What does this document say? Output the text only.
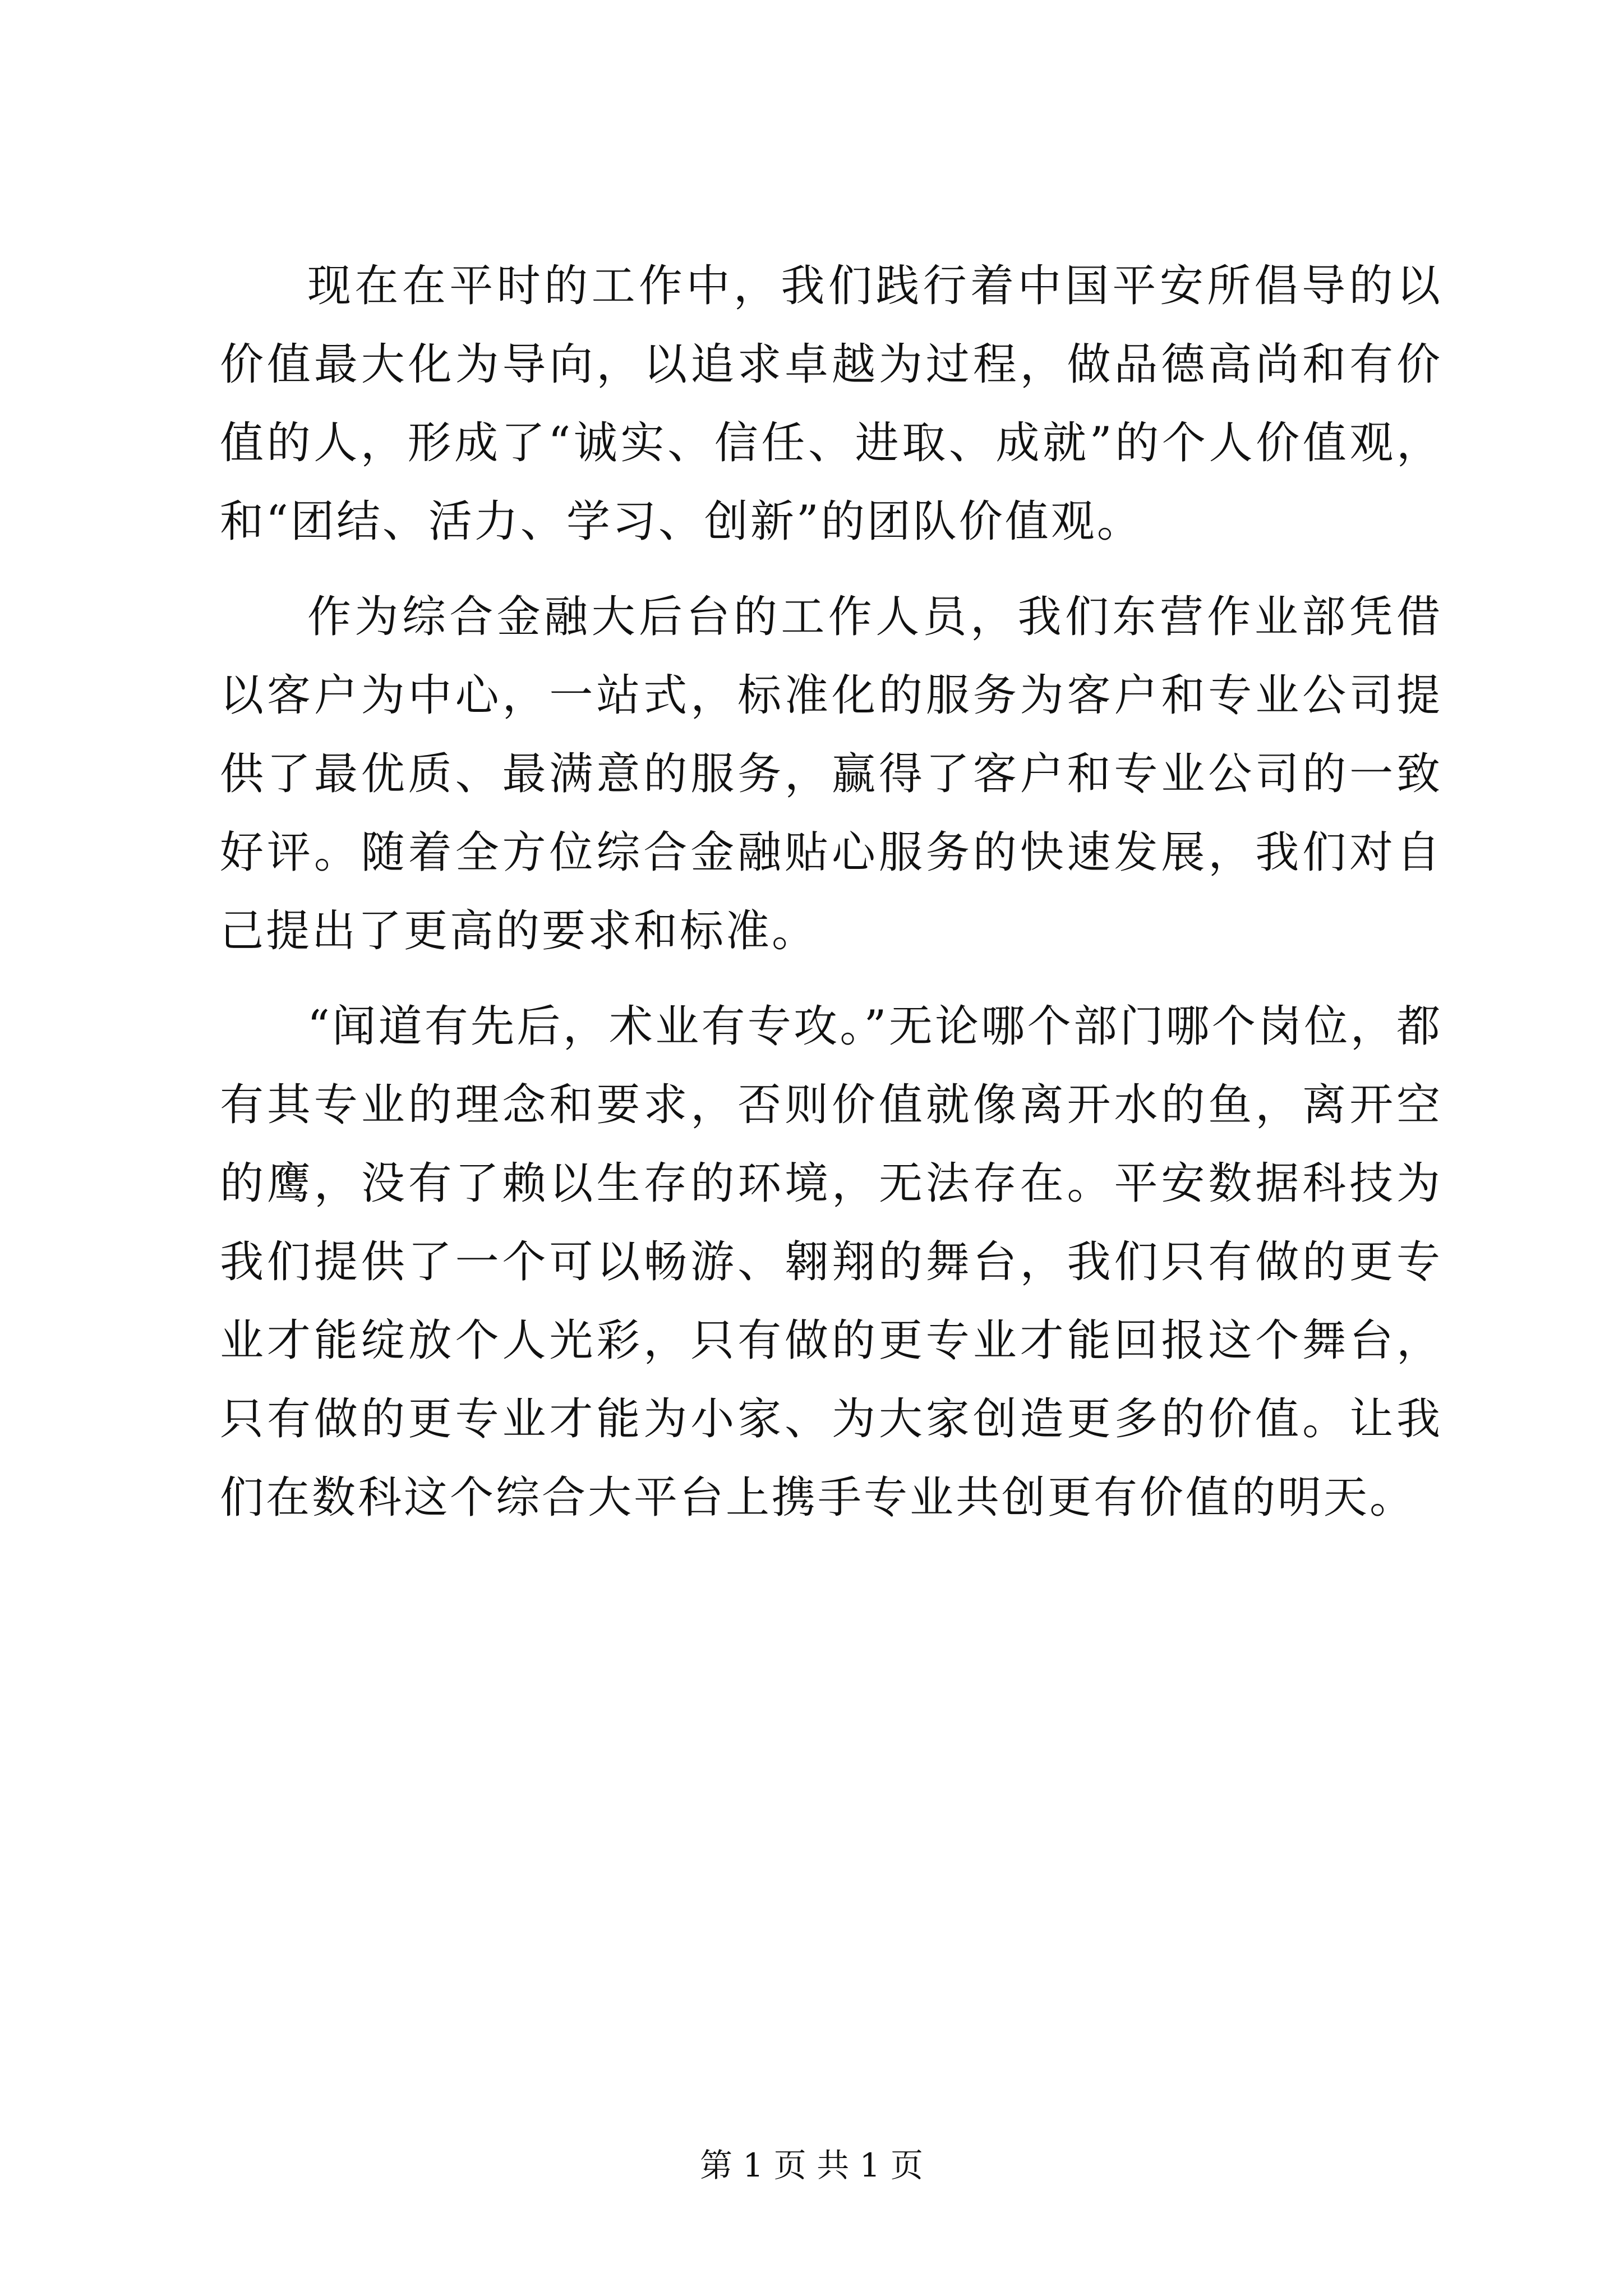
现在在平时的工作中，我们践行着中国平安所倡导的以价值最大化为导向，以追求卓越为过程，做品德高尚和有价值的人，形成了“诚实、信任、进取、成就”的个人价值观，和“团结、活力、学习、创新”的团队价值观。

作为综合金融大后台的工作人员，我们东营作业部凭借以客户为中心，一站式，标准化的服务为客户和专业公司提供了最优质、最满意的服务，赢得了客户和专业公司的一致好评。随着全方位综合金融贴心服务的快速发展，我们对自己提出了更高的要求和标准。

“闻道有先后，术业有专攻。”无论哪个部门哪个岗位，都有其专业的理念和要求，否则价值就像离开水的鱼，离开空的鹰，没有了赖以生存的环境，无法存在。平安数据科技为我们提供了一个可以畅游、翱翔的舞台，我们只有做的更专业才能绽放个人光彩，只有做的更专业才能回报这个舞台，只有做的更专业才能为小家、为大家创造更多的价值。让我们在数科这个综合大平台上携手专业共创更有价值的明天。

第 1 页 共 1 页
